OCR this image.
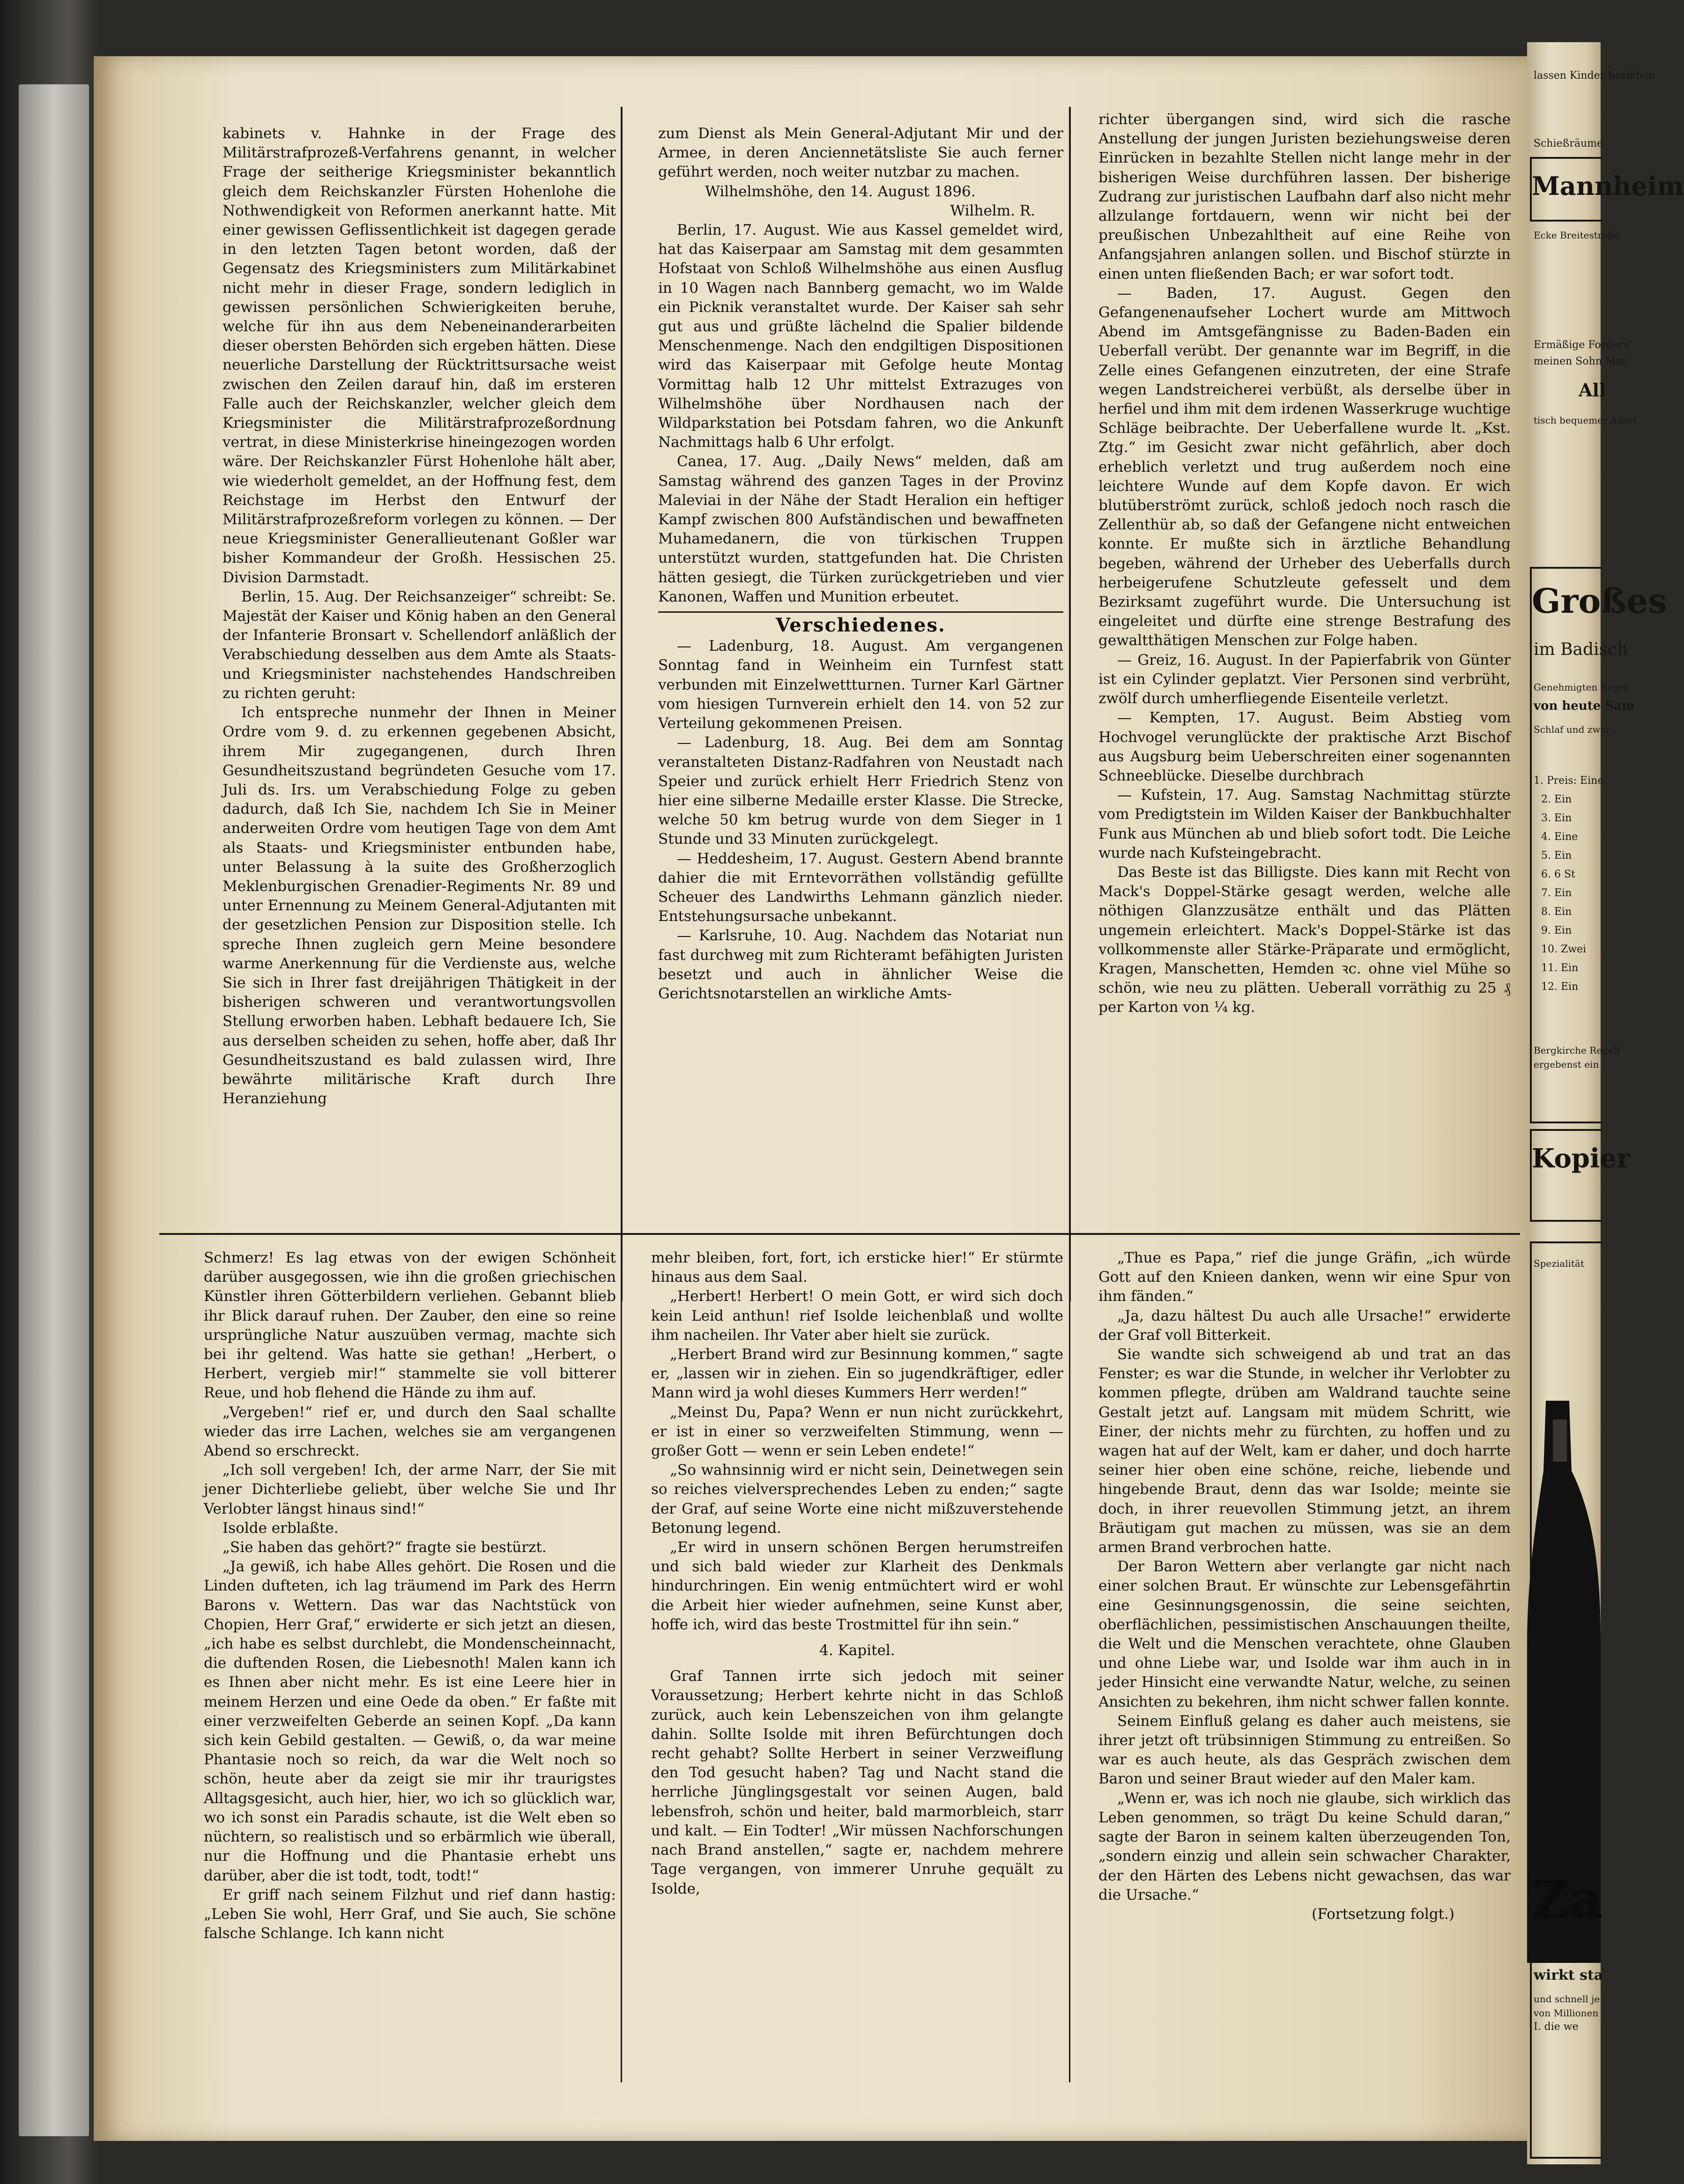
kabinets v. Hahnke in der Frage des Militärstrafprozeß-Verfahrens genannt, in welcher Frage der seitherige Kriegsminister bekanntlich gleich dem Reichskanzler Fürsten Hohenlohe die Nothwendigkeit von Reformen anerkannt hatte. Mit einer gewissen Geflissentlichkeit ist dagegen gerade in den letzten Tagen betont worden, daß der Gegensatz des Kriegsministers zum Militärkabinet nicht mehr in dieser Frage, sondern lediglich in gewissen persönlichen Schwierigkeiten beruhe, welche für ihn aus dem Nebeneinanderarbeiten dieser obersten Behörden sich ergeben hätten. Diese neuerliche Darstellung der Rücktrittsursache weist zwischen den Zeilen darauf hin, daß im ersteren Falle auch der Reichskanzler, welcher gleich dem Kriegsminister die Militärstrafprozeßordnung vertrat, in diese Ministerkrise hineingezogen worden wäre. Der Reichskanzler Fürst Hohenlohe hält aber, wie wiederholt gemeldet, an der Hoffnung fest, dem Reichstage im Herbst den Entwurf der Militärstrafprozeßreform vorlegen zu können. — Der neue Kriegsminister Generallieutenant Goßler war bisher Kommandeur der Großh. Hessischen 25. Division Darmstadt.

Berlin, 15. Aug. Der Reichsanzeiger“ schreibt: Se. Majestät der Kaiser und König haben an den General der Infanterie Bronsart v. Schellendorf anläßlich der Verabschiedung desselben aus dem Amte als Staats- und Kriegsminister nachstehendes Handschreiben zu richten geruht:

Ich entspreche nunmehr der Ihnen in Meiner Ordre vom 9. d. zu erkennen gegebenen Absicht, ihrem Mir zugegangenen, durch Ihren Gesundheitszustand begründeten Gesuche vom 17. Juli ds. Irs. um Verabschiedung Folge zu geben dadurch, daß Ich Sie, nachdem Ich Sie in Meiner anderweiten Ordre vom heutigen Tage von dem Amt als Staats- und Kriegsminister entbunden habe, unter Belassung à la suite des Großherzoglich Meklenburgischen Grenadier-Regiments Nr. 89 und unter Ernennung zu Meinem General-Adjutanten mit der gesetzlichen Pension zur Disposition stelle. Ich spreche Ihnen zugleich gern Meine besondere warme Anerkennung für die Verdienste aus, welche Sie sich in Ihrer fast dreijährigen Thätigkeit in der bisherigen schweren und verantwortungsvollen Stellung erworben haben. Lebhaft bedauere Ich, Sie aus derselben scheiden zu sehen, hoffe aber, daß Ihr Gesundheitszustand es bald zulassen wird, Ihre bewährte militärische Kraft durch Ihre Heranziehung

zum Dienst als Mein General-Adjutant Mir und der Armee, in deren Anciennetätsliste Sie auch ferner geführt werden, noch weiter nutzbar zu machen.

Wilhelmshöhe, den 14. August 1896.

Wilhelm. R.

Berlin, 17. August. Wie aus Kassel gemeldet wird, hat das Kaiserpaar am Samstag mit dem gesammten Hofstaat von Schloß Wilhelmshöhe aus einen Ausflug in 10 Wagen nach Bannberg gemacht, wo im Walde ein Picknik veranstaltet wurde. Der Kaiser sah sehr gut aus und grüßte lächelnd die Spalier bildende Menschenmenge. Nach den endgiltigen Dispositionen wird das Kaiserpaar mit Gefolge heute Montag Vormittag halb 12 Uhr mittelst Extrazuges von Wilhelmshöhe über Nordhausen nach der Wildparkstation bei Potsdam fahren, wo die Ankunft Nachmittags halb 6 Uhr erfolgt.

Canea, 17. Aug. „Daily News“ melden, daß am Samstag während des ganzen Tages in der Provinz Maleviai in der Nähe der Stadt Heralion ein heftiger Kampf zwischen 800 Aufständischen und bewaffneten Muhamedanern, die von türkischen Truppen unterstützt wurden, stattgefunden hat. Die Christen hätten gesiegt, die Türken zurückgetrieben und vier Kanonen, Waffen und Munition erbeutet.

Verschiedenes.

— Ladenburg, 18. August. Am vergangenen Sonntag fand in Weinheim ein Turnfest statt verbunden mit Einzelwettturnen. Turner Karl Gärtner vom hiesigen Turnverein erhielt den 14. von 52 zur Verteilung gekommenen Preisen.

— Ladenburg, 18. Aug. Bei dem am Sonntag veranstalteten Distanz-Radfahren von Neustadt nach Speier und zurück erhielt Herr Friedrich Stenz von hier eine silberne Medaille erster Klasse. Die Strecke, welche 50 km betrug wurde von dem Sieger in 1 Stunde und 33 Minuten zurückgelegt.

— Heddesheim, 17. August. Gestern Abend brannte dahier die mit Erntevorräthen vollständig gefüllte Scheuer des Landwirths Lehmann gänzlich nieder. Entstehungsursache unbekannt.

— Karlsruhe, 10. Aug. Nachdem das Notariat nun fast durchweg mit zum Richteramt befähigten Juristen besetzt und auch in ähnlicher Weise die Gerichtsnotarstellen an wirkliche Amts-

richter übergangen sind, wird sich die rasche Anstellung der jungen Juristen beziehungsweise deren Einrücken in bezahlte Stellen nicht lange mehr in der bisherigen Weise durchführen lassen. Der bisherige Zudrang zur juristischen Laufbahn darf also nicht mehr allzulange fortdauern, wenn wir nicht bei der preußischen Unbezahltheit auf eine Reihe von Anfangsjahren anlangen sollen. und Bischof stürzte in einen unten fließenden Bach; er war sofort todt.

— Baden, 17. August. Gegen den Gefangenenaufseher Lochert wurde am Mittwoch Abend im Amtsgefängnisse zu Baden-Baden ein Ueberfall verübt. Der genannte war im Begriff, in die Zelle eines Gefangenen einzutreten, der eine Strafe wegen Landstreicherei verbüßt, als derselbe über in herfiel und ihm mit dem irdenen Wasserkruge wuchtige Schläge beibrachte. Der Ueberfallene wurde lt. „Kst. Ztg.“ im Gesicht zwar nicht gefährlich, aber doch erheblich verletzt und trug außerdem noch eine leichtere Wunde auf dem Kopfe davon. Er wich blutüberströmt zurück, schloß jedoch noch rasch die Zellenthür ab, so daß der Gefangene nicht entweichen konnte. Er mußte sich in ärztliche Behandlung begeben, während der Urheber des Ueberfalls durch herbeigerufene Schutzleute gefesselt und dem Bezirksamt zugeführt wurde. Die Untersuchung ist eingeleitet und dürfte eine strenge Bestrafung des gewaltthätigen Menschen zur Folge haben.

— Greiz, 16. August. In der Papierfabrik von Günter ist ein Cylinder geplatzt. Vier Personen sind verbrüht, zwölf durch umherfliegende Eisenteile verletzt.

— Kempten, 17. August. Beim Abstieg vom Hochvogel verunglückte der praktische Arzt Bischof aus Augsburg beim Ueberschreiten einer sogenannten Schneeblücke. Dieselbe durchbrach

— Kufstein, 17. Aug. Samstag Nachmittag stürzte vom Predigtstein im Wilden Kaiser der Bankbuchhalter Funk aus München ab und blieb sofort todt. Die Leiche wurde nach Kufsteingebracht.

Das Beste ist das Billigste. Dies kann mit Recht von Mack's Doppel-Stärke gesagt werden, welche alle nöthigen Glanzzusätze enthält und das Plätten ungemein erleichtert. Mack's Doppel-Stärke ist das vollkommenste aller Stärke-Präparate und ermöglicht, Kragen, Manschetten, Hemden ꝛc. ohne viel Mühe so schön, wie neu zu plätten. Ueberall vorräthig zu 25 ₰ per Karton von ¼ kg.

Schmerz! Es lag etwas von der ewigen Schönheit darüber ausgegossen, wie ihn die großen griechischen Künstler ihren Götterbildern verliehen. Gebannt blieb ihr Blick darauf ruhen. Der Zauber, den eine so reine ursprüngliche Natur auszuüben vermag, machte sich bei ihr geltend. Was hatte sie gethan! „Herbert, o Herbert, vergieb mir!“ stammelte sie voll bitterer Reue, und hob flehend die Hände zu ihm auf.

„Vergeben!“ rief er, und durch den Saal schallte wieder das irre Lachen, welches sie am vergangenen Abend so erschreckt.

„Ich soll vergeben! Ich, der arme Narr, der Sie mit jener Dichterliebe geliebt, über welche Sie und Ihr Verlobter längst hinaus sind!“

Isolde erblaßte.

„Sie haben das gehört?“ fragte sie bestürzt.

„Ja gewiß, ich habe Alles gehört. Die Rosen und die Linden dufteten, ich lag träumend im Park des Herrn Barons v. Wettern. Das war das Nachtstück von Chopien, Herr Graf,“ erwiderte er sich jetzt an diesen, „ich habe es selbst durchlebt, die Mondenscheinnacht, die duftenden Rosen, die Liebesnoth! Malen kann ich es Ihnen aber nicht mehr. Es ist eine Leere hier in meinem Herzen und eine Oede da oben.“ Er faßte mit einer verzweifelten Geberde an seinen Kopf. „Da kann sich kein Gebild gestalten. — Gewiß, o, da war meine Phantasie noch so reich, da war die Welt noch so schön, heute aber da zeigt sie mir ihr traurigstes Alltagsgesicht, auch hier, hier, wo ich so glücklich war, wo ich sonst ein Paradis schaute, ist die Welt eben so nüchtern, so realistisch und so erbärmlich wie überall, nur die Hoffnung und die Phantasie erhebt uns darüber, aber die ist todt, todt, todt!“

Er griff nach seinem Filzhut und rief dann hastig: „Leben Sie wohl, Herr Graf, und Sie auch, Sie schöne falsche Schlange. Ich kann nicht

mehr bleiben, fort, fort, ich ersticke hier!“ Er stürmte hinaus aus dem Saal.

„Herbert! Herbert! O mein Gott, er wird sich doch kein Leid anthun! rief Isolde leichenblaß und wollte ihm nacheilen. Ihr Vater aber hielt sie zurück.

„Herbert Brand wird zur Besinnung kommen,“ sagte er, „lassen wir in ziehen. Ein so jugendkräftiger, edler Mann wird ja wohl dieses Kummers Herr werden!“

„Meinst Du, Papa? Wenn er nun nicht zurückkehrt, er ist in einer so verzweifelten Stimmung, wenn — großer Gott — wenn er sein Leben endete!“

„So wahnsinnig wird er nicht sein, Deinetwegen sein so reiches vielversprechendes Leben zu enden;“ sagte der Graf, auf seine Worte eine nicht mißzuverstehende Betonung legend.

„Er wird in unsern schönen Bergen herumstreifen und sich bald wieder zur Klarheit des Denkmals hindurchringen. Ein wenig entmüchtert wird er wohl die Arbeit hier wieder aufnehmen, seine Kunst aber, hoffe ich, wird das beste Trostmittel für ihn sein.“

4. Kapitel.

Graf Tannen irrte sich jedoch mit seiner Voraussetzung; Herbert kehrte nicht in das Schloß zurück, auch kein Lebenszeichen von ihm gelangte dahin. Sollte Isolde mit ihren Befürchtungen doch recht gehabt? Sollte Herbert in seiner Verzweiflung den Tod gesucht haben? Tag und Nacht stand die herrliche Jünglingsgestalt vor seinen Augen, bald lebensfroh, schön und heiter, bald marmorbleich, starr und kalt. — Ein Todter! „Wir müssen Nachforschungen nach Brand anstellen,“ sagte er, nachdem mehrere Tage vergangen, von immerer Unruhe gequält zu Isolde,

„Thue es Papa,“ rief die junge Gräfin, „ich würde Gott auf den Knieen danken, wenn wir eine Spur von ihm fänden.“

„Ja, dazu hältest Du auch alle Ursache!“ erwiderte der Graf voll Bitterkeit.

Sie wandte sich schweigend ab und trat an das Fenster; es war die Stunde, in welcher ihr Verlobter zu kommen pflegte, drüben am Waldrand tauchte seine Gestalt jetzt auf. Langsam mit müdem Schritt, wie Einer, der nichts mehr zu fürchten, zu hoffen und zu wagen hat auf der Welt, kam er daher, und doch harrte seiner hier oben eine schöne, reiche, liebende und hingebende Braut, denn das war Isolde; meinte sie doch, in ihrer reuevollen Stimmung jetzt, an ihrem Bräutigam gut machen zu müssen, was sie an dem armen Brand verbrochen hatte.

Der Baron Wettern aber verlangte gar nicht nach einer solchen Braut. Er wünschte zur Lebensgefährtin eine Gesinnungsgenossin, die seine seichten, oberflächlichen, pessimistischen Anschauungen theilte, die Welt und die Menschen verachtete, ohne Glauben und ohne Liebe war, und Isolde war ihm auch in in jeder Hinsicht eine verwandte Natur, welche, zu seinen Ansichten zu bekehren, ihm nicht schwer fallen konnte.

Seinem Einfluß gelang es daher auch meistens, sie ihrer jetzt oft trübsinnigen Stimmung zu entreißen. So war es auch heute, als das Gespräch zwischen dem Baron und seiner Braut wieder auf den Maler kam.

„Wenn er, was ich noch nie glaube, sich wirklich das Leben genommen, so trägt Du keine Schuld daran,“ sagte der Baron in seinem kalten überzeugenden Ton, „sondern einzig und allein sein schwacher Charakter, der den Härten des Lebens nicht gewachsen, das war die Ursache.“

(Fortsetzung folgt.)

lassen Kinder beziehen
Schießräume
Mannheim
Ecke Breitestraße
Ermäßige Forderu
meinen Sohn Mar
All
tisch bequemer Ausst
Großes
im Badisch
Genehmigten Regel
von heute Sam
Schlaf und zwar
1. Preis: Eine
2. Ein
3. Ein
4. Eine
5. Ein
6. 6 St
7. Ein
8. Ein
9. Ein
10. Zwei
11. Ein
12. Ein
Bergkirche Regelf
ergebenst ein
Kopier
Spezialität
Za
wirkt sta
und schnell je
von Millionen
I. die we
